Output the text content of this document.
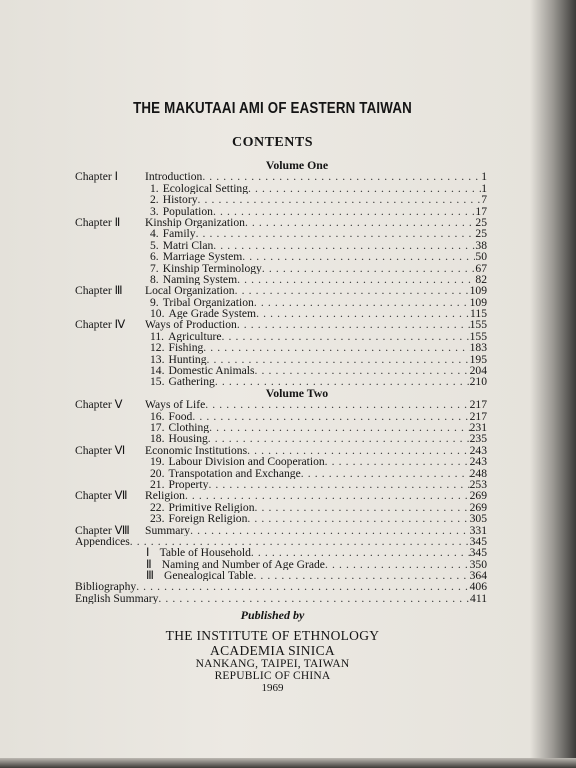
THE MAKUTAAI AMI OF EASTERN TAIWAN
CONTENTS
Volume One
Chapter Ⅰ Introduction . . .	1
1. Ecological Setting . . .	1
2. History . . .	7
3. Population . . .	17
Chapter Ⅱ Kinship Organization . . .	25
4. Family . . .	25
5. Matri Clan . . .	38
6. Marriage System . . .	50
7. Kinship Terminology . . .	67
8. Naming System . . .	82
Chapter Ⅲ Local Organization . . .	109
9. Tribal Organization . . .	109
10. Age Grade System . . .	115
Chapter Ⅳ Ways of Production . . .	155
11. Agriculture . . .	155
12. Fishing . . .	183
13. Hunting . . .	195
14. Domestic Animals . . .	204
15. Gathering . . .	210
Volume Two
Chapter Ⅴ Ways of Life . . .	217
16. Food . . .	217
17. Clothing . . .	231
18. Housing . . .	235
Chapter Ⅵ Economic Institutions . . .	243
19. Labour Division and Cooperation . . .	243
20. Transpotation and Exchange . . .	248
21. Property . . .	253
Chapter Ⅶ Religion . . .	269
22. Primitive Religion . . .	269
23. Foreign Religion . . .	305
Chapter Ⅷ Summary . . .	331
Appendices . . .	345
Ⅰ Table of Household . . .	345
Ⅱ Naming and Number of Age Grade . . .	350
Ⅲ Genealogical Table . . .	364
Bibliography . . .	406
English Summary . . .	411
Published by
THE INSTITUTE OF ETHNOLOGY
ACADEMIA SINICA
NANKANG, TAIPEI, TAIWAN
REPUBLIC OF CHINA
1969
